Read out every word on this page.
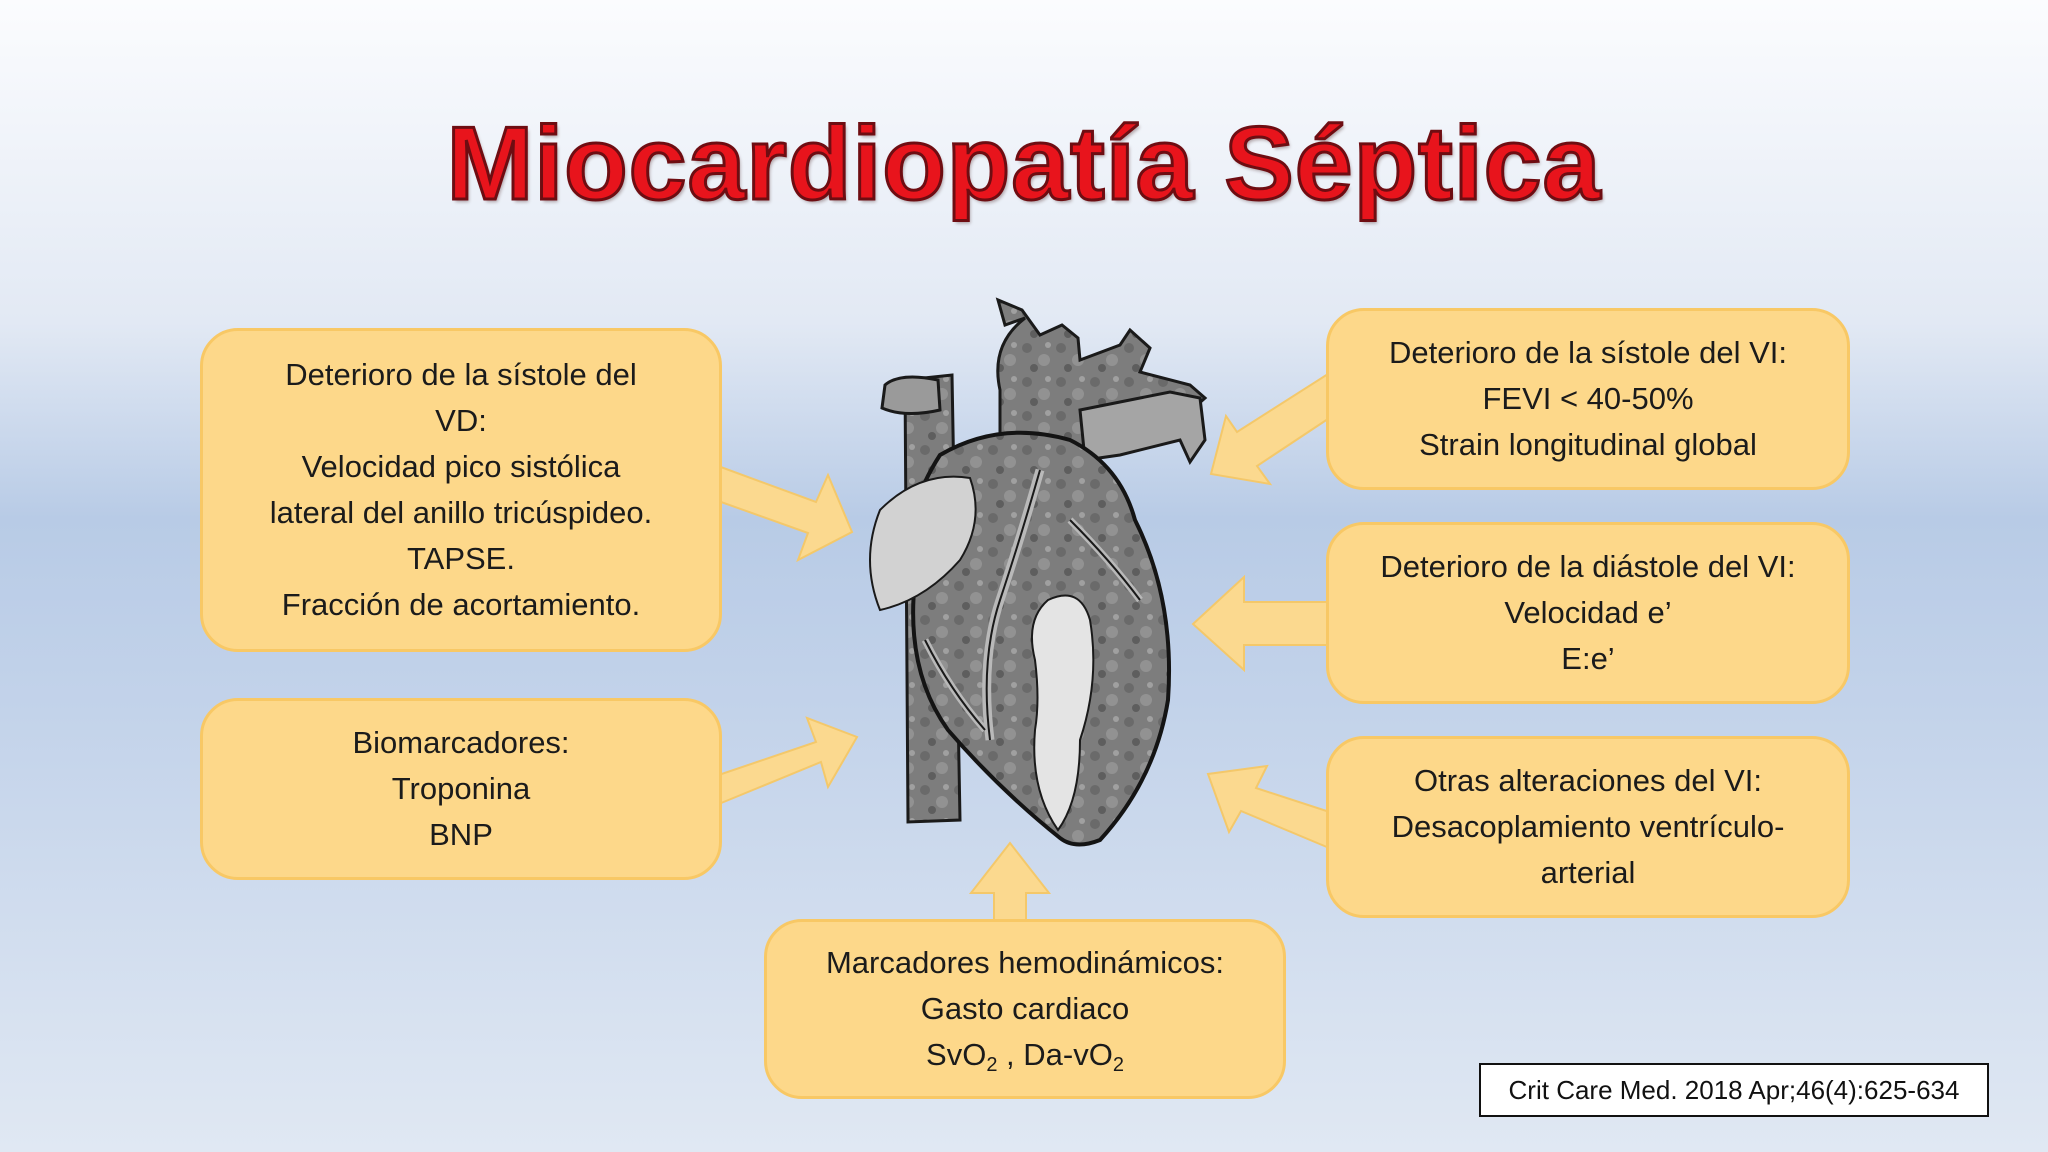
Miocardiopatía Séptica
Deterioro de la sístole del
VD:
Velocidad pico sistólica
lateral del anillo tricúspideo.
TAPSE.
Fracción de acortamiento.
Biomarcadores:
Troponina
BNP
Marcadores hemodinámicos:
Gasto cardiaco
SvO$_2$ , $Da-vO_2$
Deterioro de la sístole del VI:
FEVI < 40-50%
Strain longitudinal global
Deterioro de la diástole del VI:
Velocidad e’
E:e’
Otras alteraciones del VI:
Desacoplamiento ventrículo-
arterial
Crit Care Med. 2018 Apr;46(4):625-634
